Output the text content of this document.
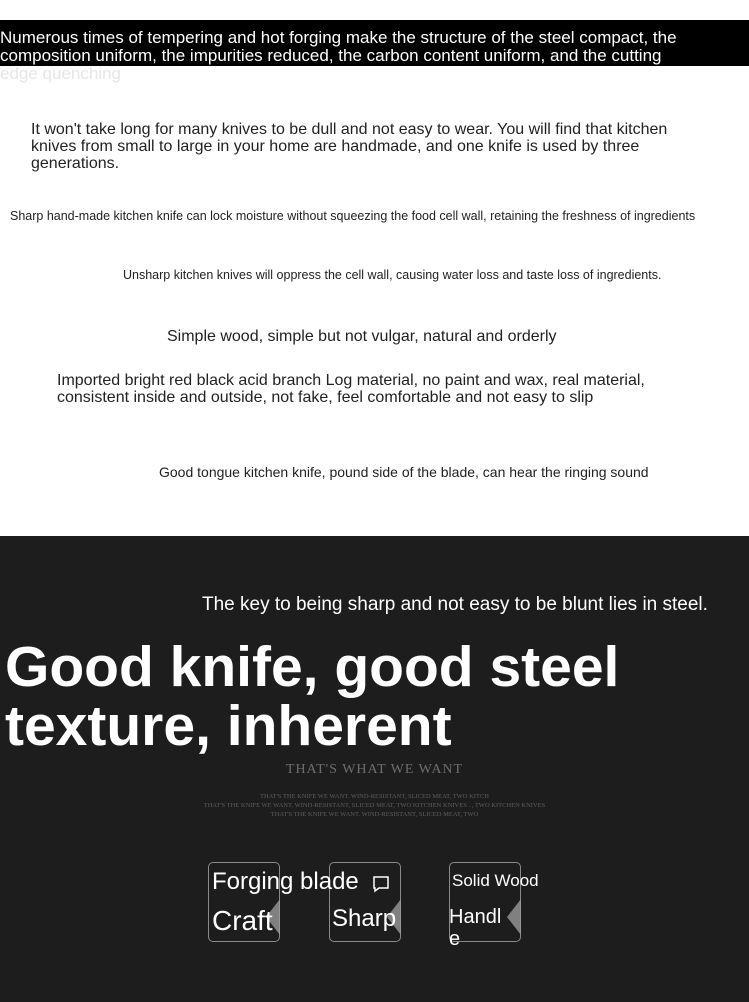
Numerous times of tempering and hot forging make the structure of the steel compact, the composition uniform, the impurities reduced, the carbon content uniform, and the cutting
edge quenching

It won't take long for many knives to be dull and not easy to wear. You will find that kitchen knives from small to large in your home are handmade, and one knife is used by three generations.

Sharp hand-made kitchen knife can lock moisture without squeezing the food cell wall, retaining the freshness of ingredients

Unsharp kitchen knives will oppress the cell wall, causing water loss and taste loss of ingredients.

Simple wood, simple but not vulgar, natural and orderly

Imported bright red black acid branch Log material, no paint and wax, real material, consistent inside and outside, not fake, feel comfortable and not easy to slip

Good tongue kitchen knife, pound side of the blade, can hear the ringing sound

The key to being sharp and not easy to be blunt lies in steel.

Good knife, good steel texture, inherent

THAT'S WHAT WE WANT

THAT'S THE KNIFE WE WANT. WIND-RESISTANT, SLICED MEAT, TWO KITCH
THAT'S THE KNIFE WE WANT. WIND-RESISTANT, SLICED MEAT, TWO KITCHEN KNIVES . , TWO KITCHEN KNIVES
THAT'S THE KNIFE WE WANT. WIND-RESISTANT, SLICED MEAT, TWO

Forging blade

Craft	Sharp

Solid Wood

Handle
